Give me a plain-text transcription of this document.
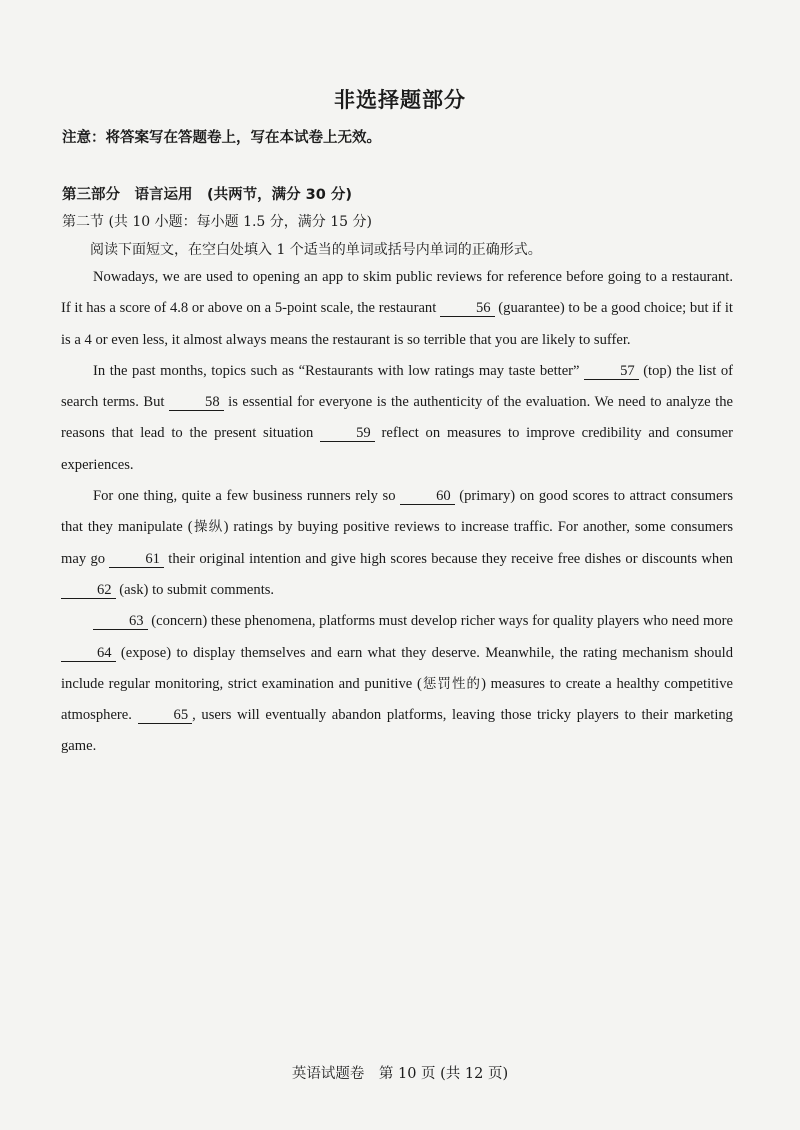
非选择题部分
注意：将答案写在答题卷上，写在本试卷上无效。
第三部分　语言运用　(共两节，满分 30 分)
第二节 (共 10 小题：每小题 1.5 分，满分 15 分)
阅读下面短文，在空白处填入 1 个适当的单词或括号内单词的正确形式。

Nowadays, we are used to opening an app to skim public reviews for reference before going to a restaurant. If it has a score of 4.8 or above on a 5-point scale, the restaurant 56 (guarantee) to be a good choice; but if it is a 4 or even less, it almost always means the restaurant is so terrible that you are likely to suffer.

In the past months, topics such as “Restaurants with low ratings may taste better” 57 (top) the list of search terms. But 58 is essential for everyone is the authenticity of the evaluation. We need to analyze the reasons that lead to the present situation 59 reflect on measures to improve credibility and consumer experiences.

For one thing, quite a few business runners rely so 60 (primary) on good scores to attract consumers that they manipulate (操纵) ratings by buying positive reviews to increase traffic. For another, some consumers may go 61 their original intention and give high scores because they receive free dishes or discounts when 62 (ask) to submit comments.

63 (concern) these phenomena, platforms must develop richer ways for quality players who need more 64 (expose) to display themselves and earn what they deserve. Meanwhile, the rating mechanism should include regular monitoring, strict examination and punitive (惩罚性的) measures to create a healthy competitive atmosphere. 65 , users will eventually abandon platforms, leaving those tricky players to their marketing game.

英语试题卷　第 10 页 (共 12 页)
